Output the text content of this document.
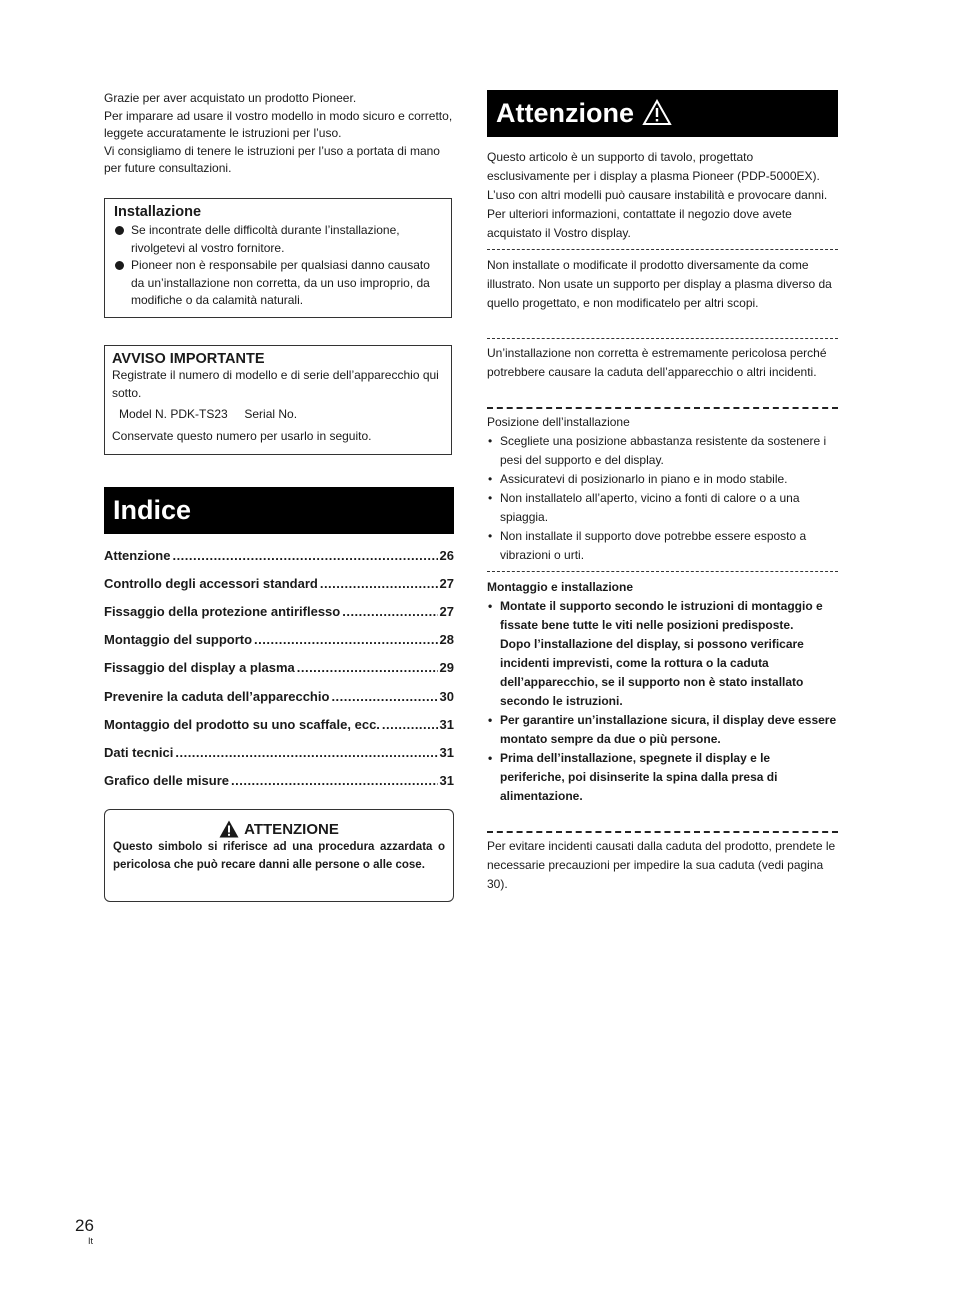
Grazie per aver acquistato un prodotto Pioneer.

Per imparare ad usare il vostro modello in modo sicuro e corretto, leggete accuratamente le istruzioni per l’uso.

Vi consigliamo di tenere le istruzioni per l’uso a portata di mano per future consultazioni.

Installazione
Se incontrate delle difficoltà durante l’installazione, rivolgetevi al vostro fornitore.
Pioneer non è responsabile per qualsiasi danno causato da un’installazione non corretta, da un uso improprio, da modifiche o da calamità naturali.
AVVISO IMPORTANTE
Registrate il numero di modello e di serie dell’apparecchio qui sotto.
Model N. PDK-TS23 Serial No.
Conservate questo numero per usarlo in seguito.
Indice
Attenzione .....	26
Controllo degli accessori standard .....	27
Fissaggio della protezione antiriflesso .....	27
Montaggio del supporto .....	28
Fissaggio del display a plasma .....	29
Prevenire la caduta dell’apparecchio .....	30
Montaggio del prodotto su uno scaffale, ecc. .....	31
Dati tecnici .....	31
Grafico delle misure .....	31
ATTENZIONE
Questo simbolo si riferisce ad una procedura azzardata o pericolosa che può recare danni alle persone o alle cose.
Attenzione

Questo articolo è un supporto di tavolo, progettato esclusivamente per i display a plasma Pioneer (PDP-5000EX). L’uso con altri modelli può causare instabilità e provocare danni. Per ulteriori informazioni, contattate il negozio dove avete acquistato il Vostro display.

Non installate o modificate il prodotto diversamente da come illustrato. Non usate un supporto per display a plasma diverso da quello progettato, e non modificatelo per altri scopi.

Un’installazione non corretta è estremamente pericolosa perché potrebbere causare la caduta dell’apparecchio o altri incidenti.

Posizione dell’installazione

• Scegliete una posizione abbastanza resistente da sostenere i pesi del supporto e del display.
• Assicuratevi di posizionarlo in piano e in modo stabile.
• Non installatelo all’aperto, vicino a fonti di calore o a una spiaggia.
• Non installate il supporto dove potrebbe essere esposto a vibrazioni o urti.

Montaggio e installazione

• Montate il supporto secondo le istruzioni di montaggio e fissate bene tutte le viti nelle posizioni predisposte.
Dopo l’installazione del display, si possono verificare incidenti imprevisti, come la rottura o la caduta dell’apparecchio, se il supporto non è stato installato secondo le istruzioni.
• Per garantire un’installazione sicura, il display deve essere montato sempre da due o più persone.
• Prima dell’installazione, spegnete il display e le periferiche, poi disinserite la spina dalla presa di alimentazione.

Per evitare incidenti causati dalla caduta del prodotto, prendete le necessarie precauzioni per impedire la sua caduta (vedi pagina 30).

26
It
